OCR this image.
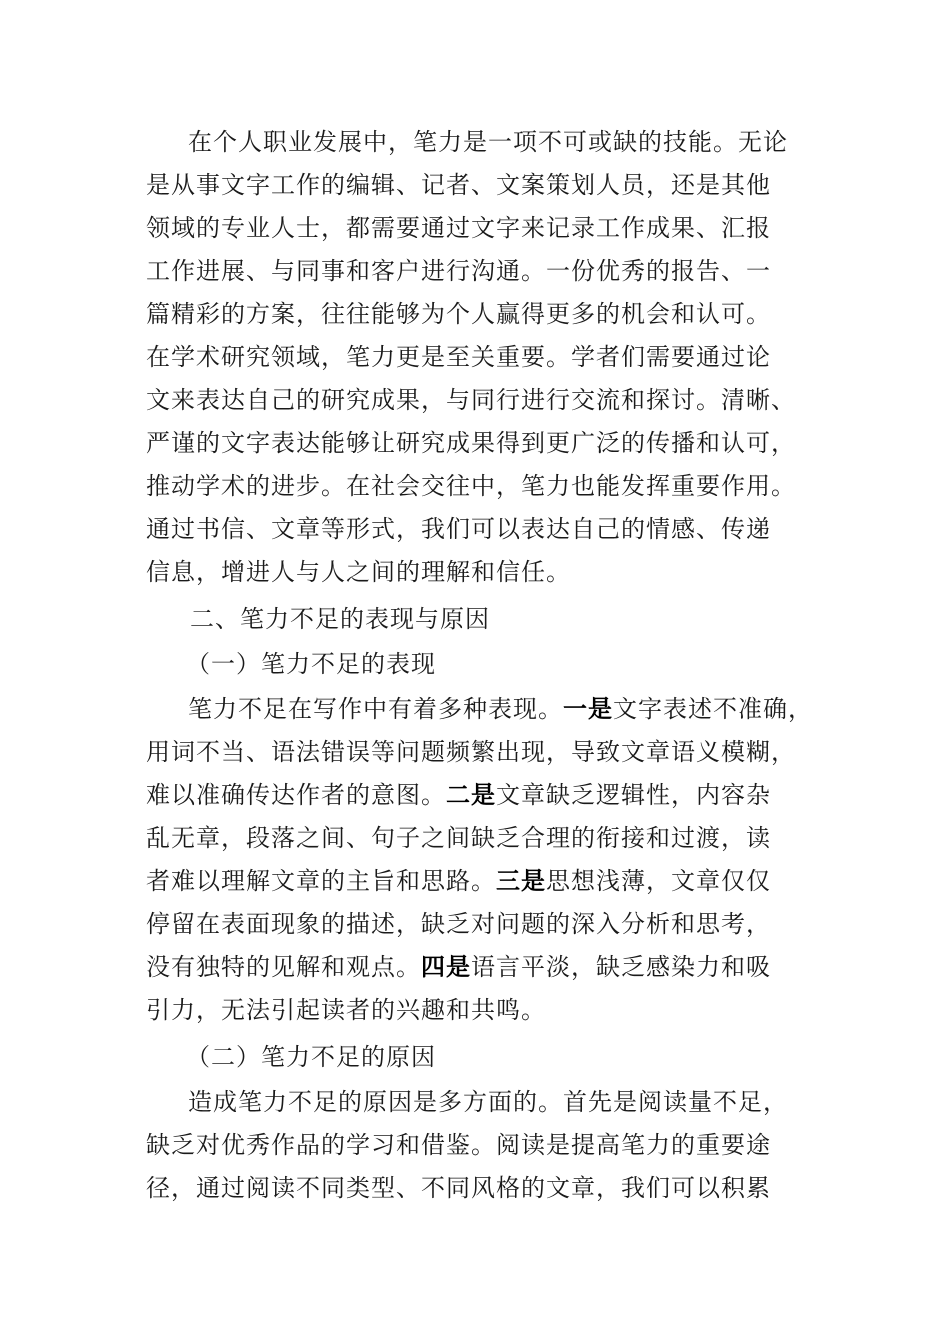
在个人职业发展中，笔力是一项不可或缺的技能。无论
是从事文字工作的编辑、记者、文案策划人员，还是其他
领域的专业人士，都需要通过文字来记录工作成果、汇报
工作进展、与同事和客户进行沟通。一份优秀的报告、一
篇精彩的方案，往往能够为个人赢得更多的机会和认可。
在学术研究领域，笔力更是至关重要。学者们需要通过论
文来表达自己的研究成果，与同行进行交流和探讨。清晰、
严谨的文字表达能够让研究成果得到更广泛的传播和认可，
推动学术的进步。在社会交往中，笔力也能发挥重要作用。
通过书信、文章等形式，我们可以表达自己的情感、传递
信息，增进人与人之间的理解和信任。
二、笔力不足的表现与原因
（一）笔力不足的表现
笔力不足在写作中有着多种表现。一是文字表述不准确，
用词不当、语法错误等问题频繁出现，导致文章语义模糊，
难以准确传达作者的意图。二是文章缺乏逻辑性，内容杂
乱无章，段落之间、句子之间缺乏合理的衔接和过渡，读
者难以理解文章的主旨和思路。三是思想浅薄，文章仅仅
停留在表面现象的描述，缺乏对问题的深入分析和思考，
没有独特的见解和观点。四是语言平淡，缺乏感染力和吸
引力，无法引起读者的兴趣和共鸣。
（二）笔力不足的原因
造成笔力不足的原因是多方面的。首先是阅读量不足，
缺乏对优秀作品的学习和借鉴。阅读是提高笔力的重要途
径，通过阅读不同类型、不同风格的文章，我们可以积累
